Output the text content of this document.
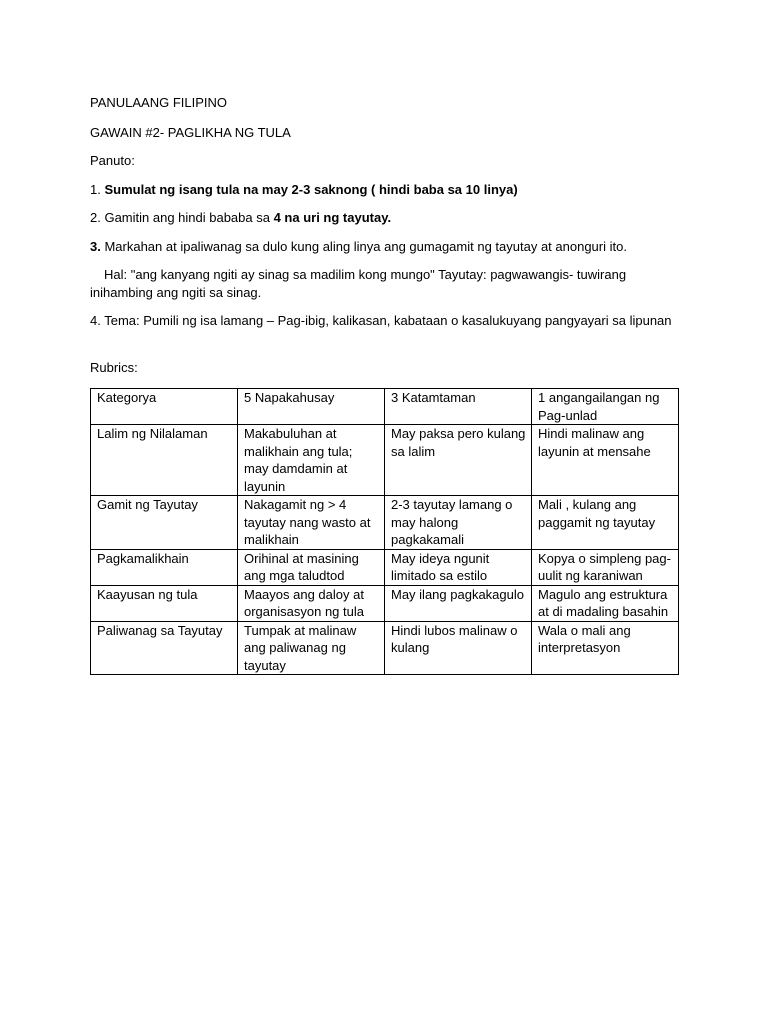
PANULAANG FILIPINO

GAWAIN #2- PAGLIKHA NG TULA

Panuto:

1. Sumulat ng isang tula na may 2-3 saknong ( hindi baba sa 10 linya)

2. Gamitin ang hindi bababa sa 4 na uri ng tayutay.

3. Markahan at ipaliwanag sa dulo kung aling linya ang gumagamit ng tayutay at anonguri ito.

Hal: "ang kanyang ngiti ay sinag sa madilim kong mungo" Tayutay: pagwawangis- tuwirang inihambing ang ngiti sa sinag.

4. Tema: Pumili ng isa lamang – Pag-ibig, kalikasan, kabataan o kasalukuyang pangyayari sa lipunan

Rubrics:

Kategorya	5 Napakahusay	3 Katamtaman	1 angangailangan ng Pag-unlad
Lalim ng Nilalaman	Makabuluhan at malikhain ang tula; may damdamin at layunin	May paksa pero kulang sa lalim	Hindi malinaw ang layunin at mensahe
Gamit ng Tayutay	Nakagamit ng > 4 tayutay nang wasto at malikhain	2-3 tayutay lamang o may halong pagkakamali	Mali , kulang ang paggamit ng tayutay
Pagkamalikhain	Orihinal at masining ang mga taludtod	May ideya ngunit limitado sa estilo	Kopya o simpleng pag-uulit ng karaniwan
Kaayusan ng tula	Maayos ang daloy at organisasyon ng tula	May ilang pagkakagulo	Magulo ang estruktura at di madaling basahin
Paliwanag sa Tayutay	Tumpak at malinaw ang paliwanag ng tayutay	Hindi lubos malinaw o kulang	Wala o mali ang interpretasyon
